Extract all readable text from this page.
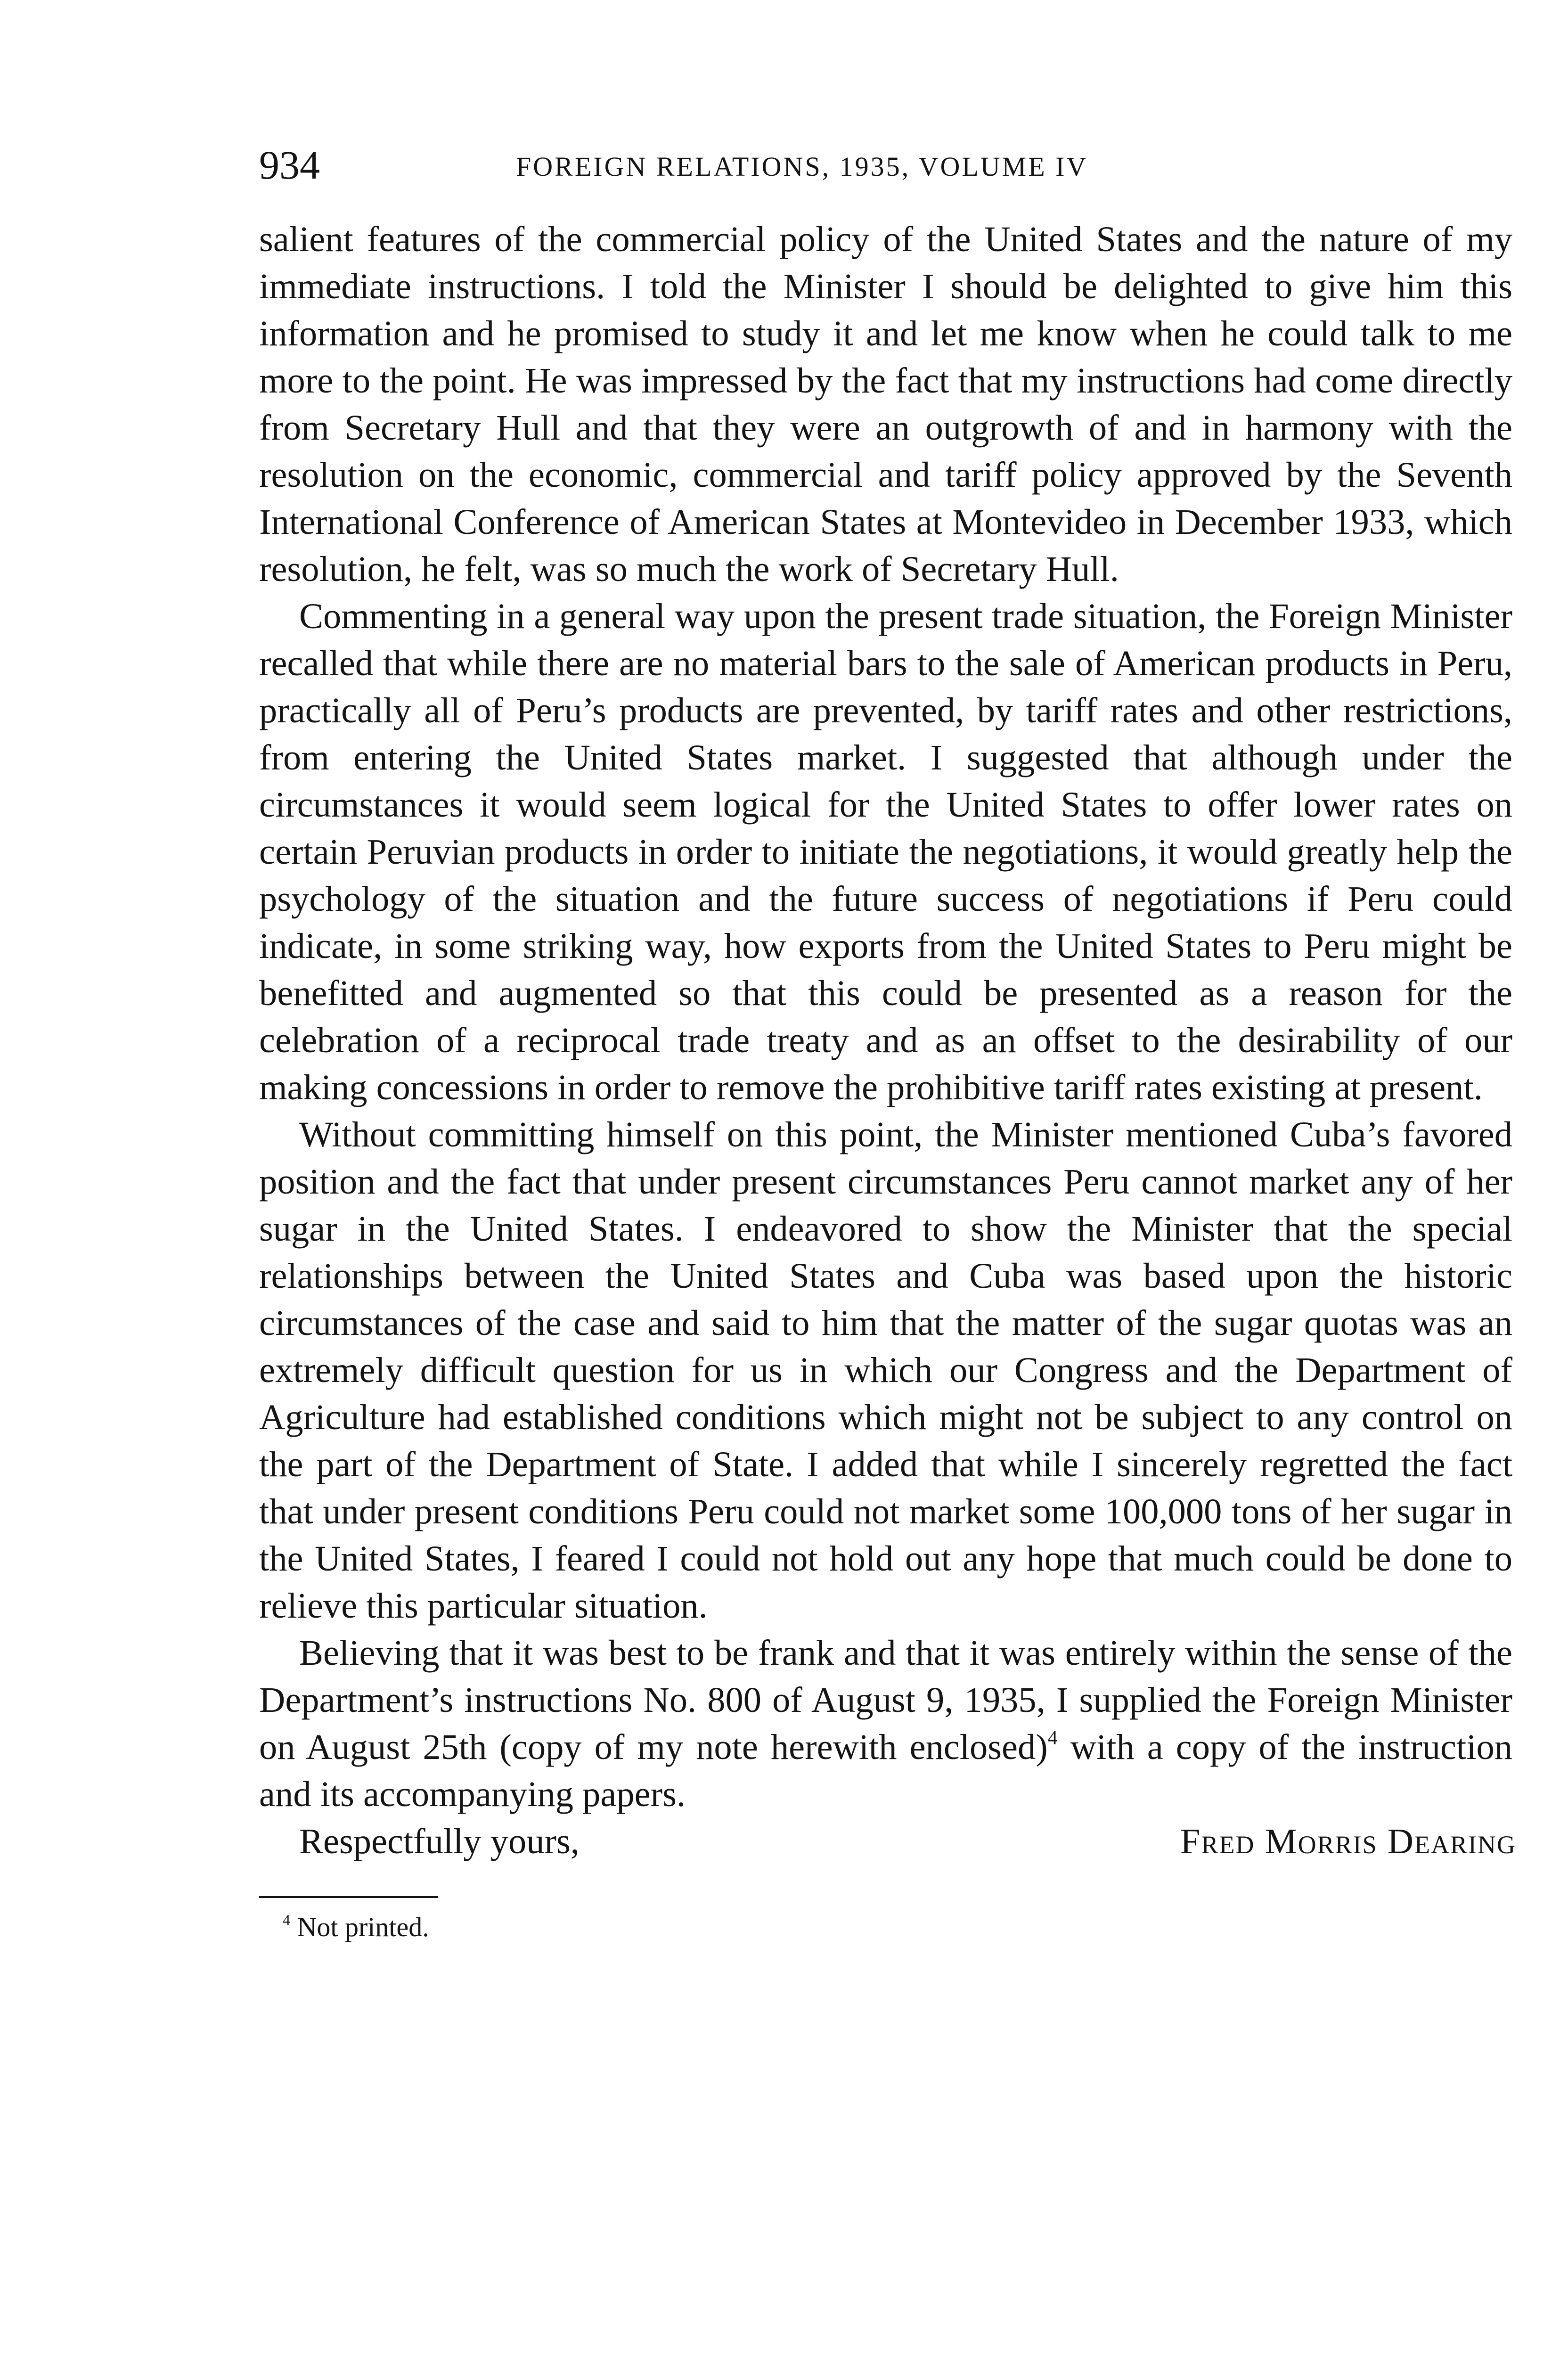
934	FOREIGN RELATIONS, 1935, VOLUME IV

salient features of the commercial policy of the United States and the nature of my immediate instructions. I told the Minister I should be delighted to give him this information and he promised to study it and let me know when he could talk to me more to the point. He was impressed by the fact that my instructions had come directly from Secretary Hull and that they were an outgrowth of and in harmony with the resolution on the economic, commercial and tariff policy approved by the Seventh International Conference of American States at Montevideo in December 1933, which resolution, he felt, was so much the work of Secretary Hull.

Commenting in a general way upon the present trade situation, the Foreign Minister recalled that while there are no material bars to the sale of American products in Peru, practically all of Peru’s products are prevented, by tariff rates and other restrictions, from entering the United States market. I suggested that although under the circumstances it would seem logical for the United States to offer lower rates on certain Peruvian products in order to initiate the negotiations, it would greatly help the psychology of the situation and the future success of negotiations if Peru could indicate, in some striking way, how exports from the United States to Peru might be benefitted and augmented so that this could be presented as a reason for the celebration of a reciprocal trade treaty and as an offset to the desirability of our making concessions in order to remove the prohibitive tariff rates existing at present.

Without committing himself on this point, the Minister mentioned Cuba’s favored position and the fact that under present circumstances Peru cannot market any of her sugar in the United States. I endeavored to show the Minister that the special relationships between the United States and Cuba was based upon the historic circumstances of the case and said to him that the matter of the sugar quotas was an extremely difficult question for us in which our Congress and the Department of Agriculture had established conditions which might not be subject to any control on the part of the Department of State. I added that while I sincerely regretted the fact that under present conditions Peru could not market some 100,000 tons of her sugar in the United States, I feared I could not hold out any hope that much could be done to relieve this particular situation.

Believing that it was best to be frank and that it was entirely within the sense of the Department’s instructions No. 800 of August 9, 1935, I supplied the Foreign Minister on August 25th (copy of my note herewith enclosed)$^4$ with a copy of the instruction and its accompanying papers.

Respectfully yours,	Fred Morris Dearing
$^4$ Not printed.
